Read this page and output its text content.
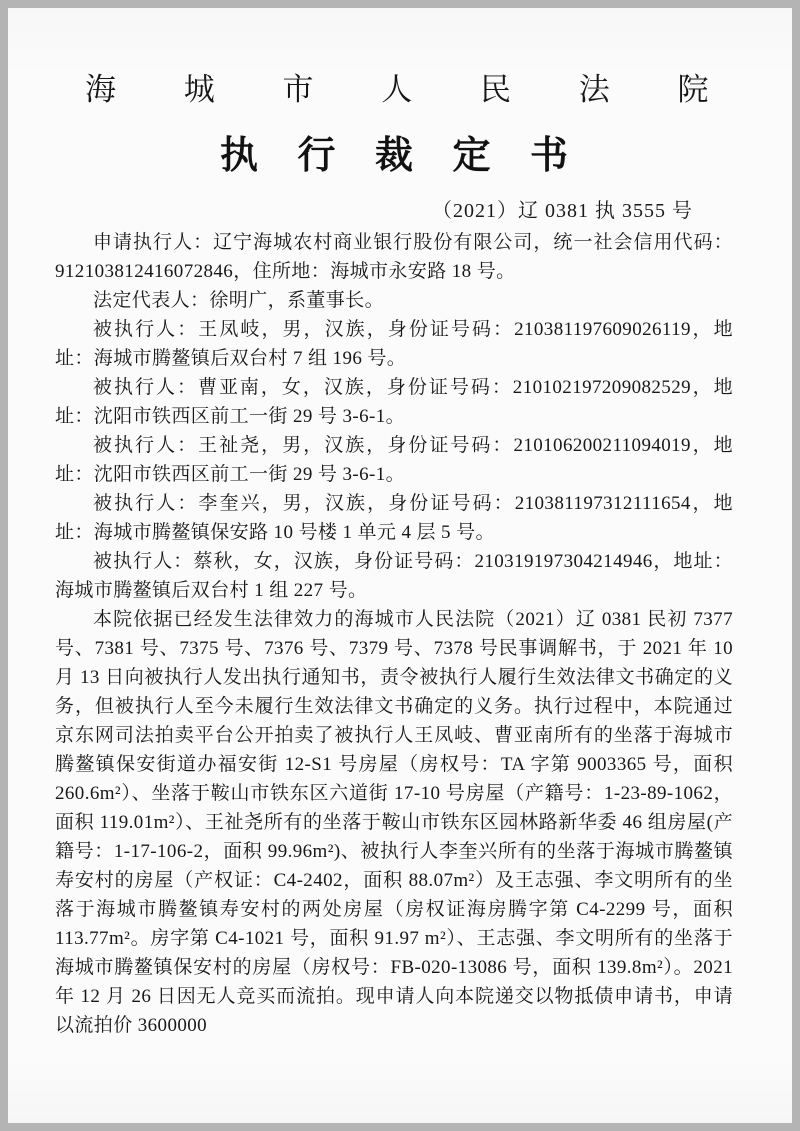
海 城 市 人 民 法 院
执 行 裁 定 书
（2021）辽 0381 执 3555 号

申请执行人：辽宁海城农村商业银行股份有限公司，统一社会信用代码：912103812416072846，住所地：海城市永安路 18 号。

法定代表人：徐明广，系董事长。

被执行人：王凤岐，男，汉族，身份证号码：210381197609026119，地址：海城市腾鳌镇后双台村 7 组 196 号。

被执行人：曹亚南，女，汉族，身份证号码：210102197209082529，地址：沈阳市铁西区前工一街 29 号 3-6-1。

被执行人：王祉尧，男，汉族，身份证号码：210106200211094019，地址：沈阳市铁西区前工一街 29 号 3-6-1。

被执行人：李奎兴，男，汉族，身份证号码：210381197312111654，地址：海城市腾鳌镇保安路 10 号楼 1 单元 4 层 5 号。

被执行人：蔡秋，女，汉族，身份证号码：210319197304214946，地址：海城市腾鳌镇后双台村 1 组 227 号。

本院依据已经发生法律效力的海城市人民法院（2021）辽 0381 民初 7377 号、7381 号、7375 号、7376 号、7379 号、7378 号民事调解书，于 2021 年 10 月 13 日向被执行人发出执行通知书，责令被执行人履行生效法律文书确定的义务，但被执行人至今未履行生效法律文书确定的义务。执行过程中，本院通过京东网司法拍卖平台公开拍卖了被执行人王凤岐、曹亚南所有的坐落于海城市腾鳌镇保安街道办福安街 12-S1 号房屋（房权号：TA 字第 9003365 号，面积 260.6m²）、坐落于鞍山市铁东区六道街 17-10 号房屋（产籍号：1-23-89-1062，面积 119.01m²）、王祉尧所有的坐落于鞍山市铁东区园林路新华委 46 组房屋(产籍号：1-17-106-2，面积 99.96m²)、被执行人李奎兴所有的坐落于海城市腾鳌镇寿安村的房屋（产权证：C4-2402，面积 88.07m²）及王志强、李文明所有的坐落于海城市腾鳌镇寿安村的两处房屋（房权证海房腾字第 C4-2299 号，面积 113.77m²。房字第 C4-1021 号，面积 91.97 m²）、王志强、李文明所有的坐落于海城市腾鳌镇保安村的房屋（房权号：FB-020-13086 号，面积 139.8m²）。2021 年 12 月 26 日因无人竞买而流拍。现申请人向本院递交以物抵债申请书，申请以流拍价 3600000
